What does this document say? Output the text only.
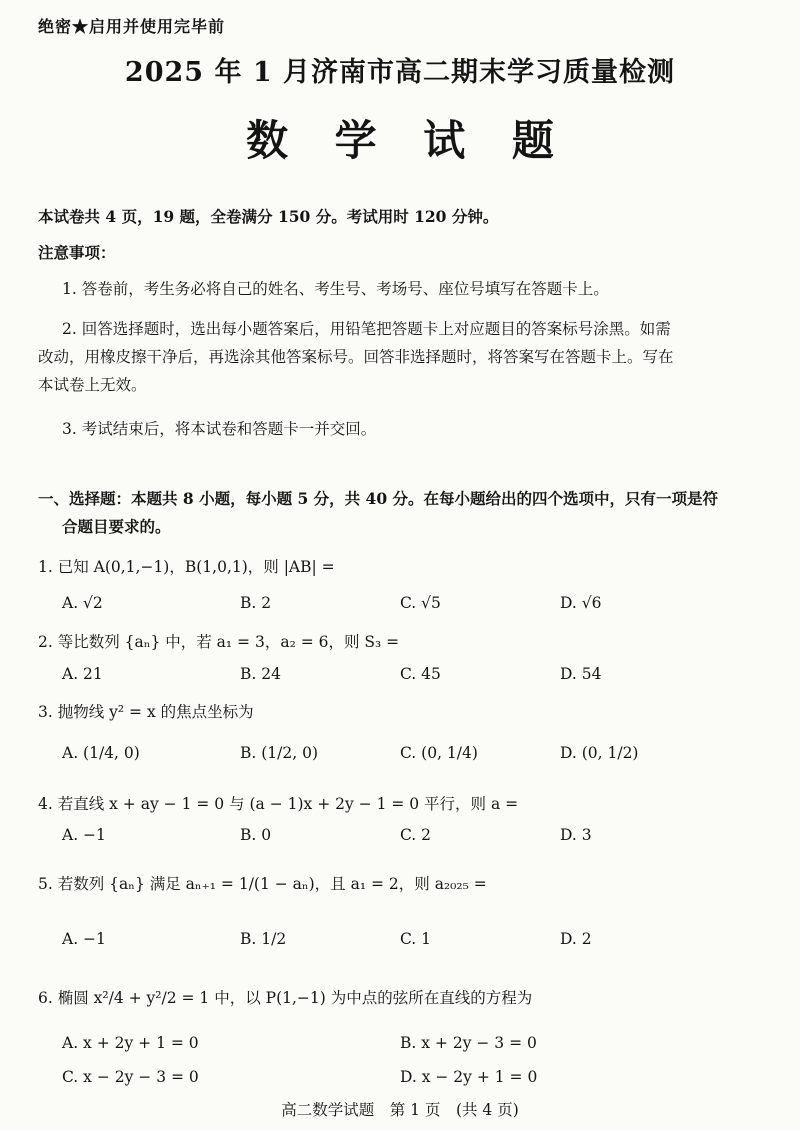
绝密★启用并使用完毕前
2025 年 1 月济南市高二期末学习质量检测
数 学 试 题
本试卷共 4 页，19 题，全卷满分 150 分。考试用时 120 分钟。
注意事项：
1. 答卷前，考生务必将自己的姓名、考生号、考场号、座位号填写在答题卡上。
2. 回答选择题时，选出每小题答案后，用铅笔把答题卡上对应题目的答案标号涂黑。如需
改动，用橡皮擦干净后，再选涂其他答案标号。回答非选择题时，将答案写在答题卡上。写在
本试卷上无效。
3. 考试结束后，将本试卷和答题卡一并交回。
一、选择题：本题共 8 小题，每小题 5 分，共 40 分。在每小题给出的四个选项中，只有一项是符
合题目要求的。
1. 已知 A(0,1,−1)，B(1,0,1)，则 |AB| =
A. √2	B. 2	C. √5	D. √6
2. 等比数列 {aₙ} 中，若 a₁ = 3，a₂ = 6，则 S₃ =
A. 21	B. 24	C. 45	D. 54
3. 抛物线 y² = x 的焦点坐标为
A. (1/4, 0)	B. (1/2, 0)	C. (0, 1/4)	D. (0, 1/2)
4. 若直线 x + ay − 1 = 0 与 (a − 1)x + 2y − 1 = 0 平行，则 a =
A. −1	B. 0	C. 2	D. 3
5. 若数列 {aₙ} 满足 aₙ₊₁ = 1/(1 − aₙ)，且 a₁ = 2，则 a₂₀₂₅ =
A. −1	B. 1/2	C. 1	D. 2
6. 椭圆 x²/4 + y²/2 = 1 中，以 P(1,−1) 为中点的弦所在直线的方程为
A. x + 2y + 1 = 0	B. x + 2y − 3 = 0
C. x − 2y − 3 = 0	D. x − 2y + 1 = 0
高二数学试题　第 1 页　(共 4 页)
